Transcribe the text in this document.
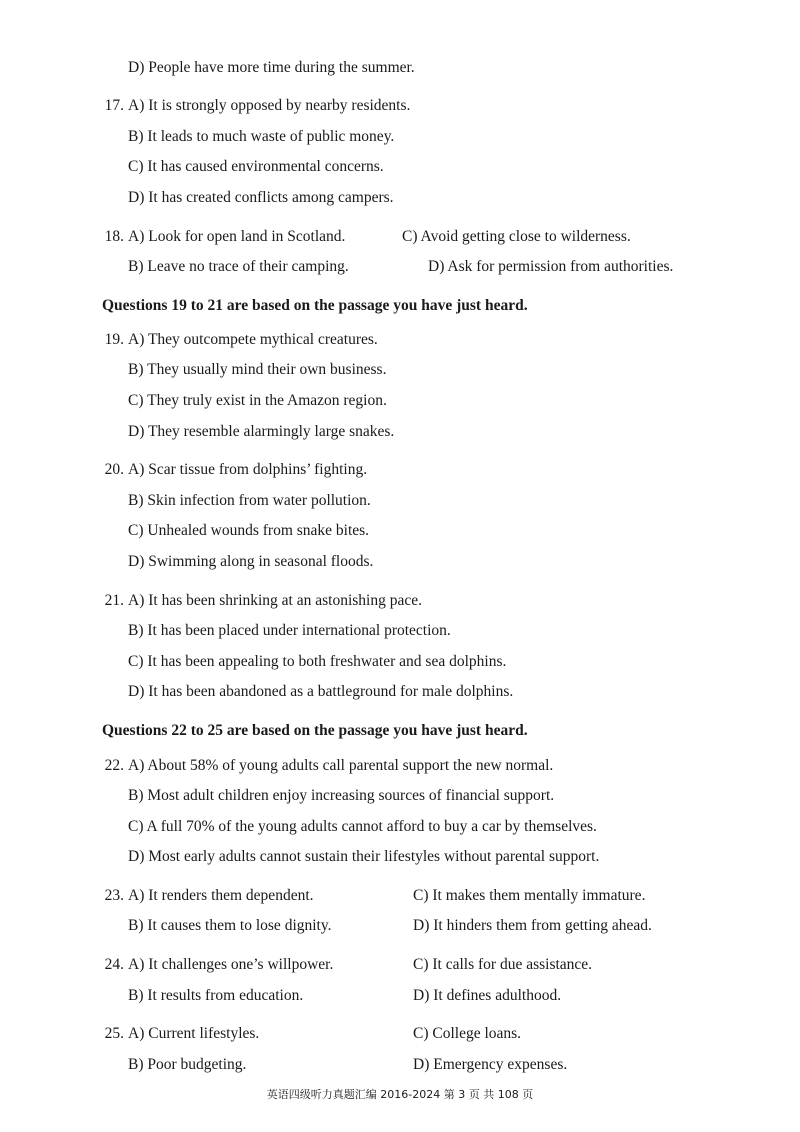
D) People have more time during the summer.
17. A) It is strongly opposed by nearby residents.
B) It leads to much waste of public money.
C) It has caused environmental concerns.
D) It has created conflicts among campers.
18. A) Look for open land in Scotland.	C) Avoid getting close to wilderness.
B) Leave no trace of their camping.	D) Ask for permission from authorities.
Questions 19 to 21 are based on the passage you have just heard.
19. A) They outcompete mythical creatures.
B) They usually mind their own business.
C) They truly exist in the Amazon region.
D) They resemble alarmingly large snakes.
20. A) Scar tissue from dolphins’ fighting.
B) Skin infection from water pollution.
C) Unhealed wounds from snake bites.
D) Swimming along in seasonal floods.
21. A) It has been shrinking at an astonishing pace.
B) It has been placed under international protection.
C) It has been appealing to both freshwater and sea dolphins.
D) It has been abandoned as a battleground for male dolphins.
Questions 22 to 25 are based on the passage you have just heard.
22. A) About 58% of young adults call parental support the new normal.
B) Most adult children enjoy increasing sources of financial support.
C) A full 70% of the young adults cannot afford to buy a car by themselves.
D) Most early adults cannot sustain their lifestyles without parental support.
23. A) It renders them dependent.	C) It makes them mentally immature.
B) It causes them to lose dignity.	D) It hinders them from getting ahead.
24. A) It challenges one’s willpower.	C) It calls for due assistance.
B) It results from education.	D) It defines adulthood.
25. A) Current lifestyles.	C) College loans.
B) Poor budgeting.	D) Emergency expenses.
英语四级听力真题汇编 2016-2024 第 3 页 共 108 页
